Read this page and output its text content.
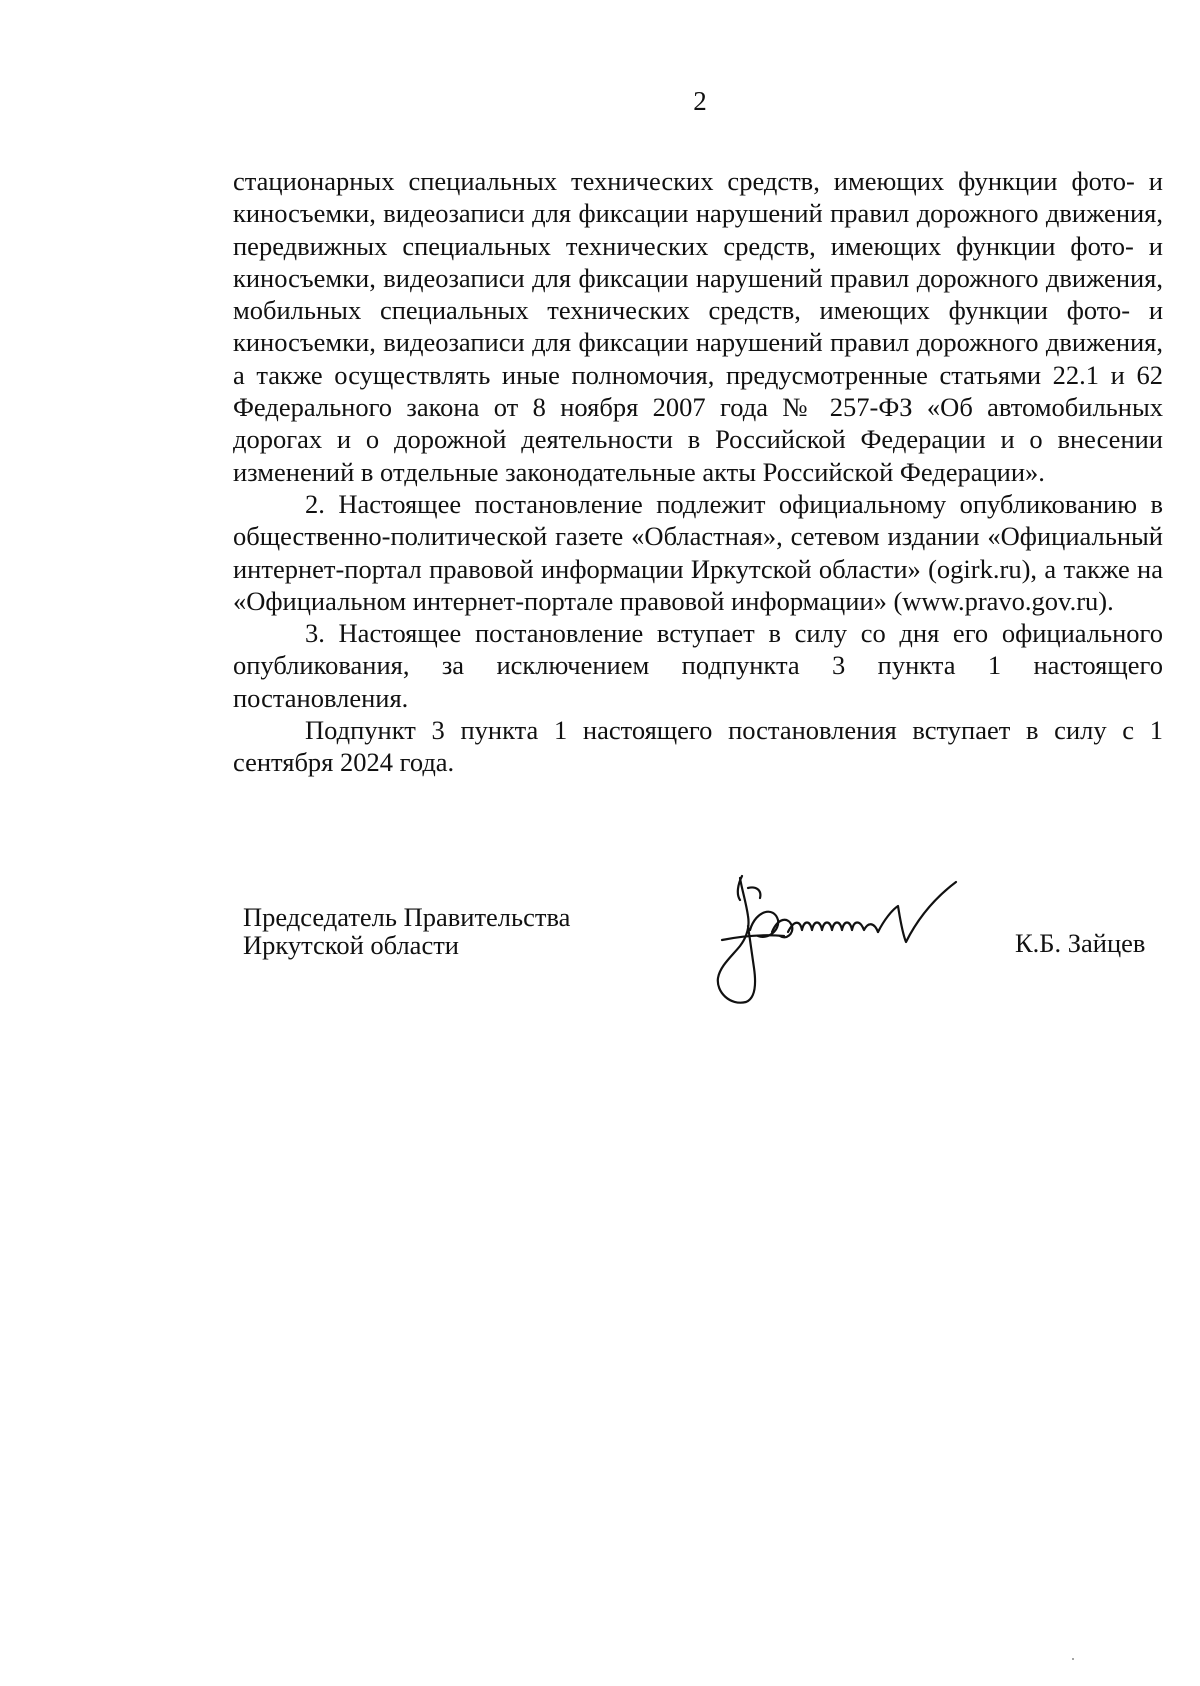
2

стационарных специальных технических средств, имеющих функции фото- и киносъемки, видеозаписи для фиксации нарушений правил дорожного движения, передвижных специальных технических средств, имеющих функции фото- и киносъемки, видеозаписи для фиксации нарушений правил дорожного движения, мобильных специальных технических средств, имеющих функции фото- и киносъемки, видеозаписи для фиксации нарушений правил дорожного движения, а также осуществлять иные полномочия, предусмотренные статьями 22.1 и 62 Федерального закона от 8 ноября 2007 года № 257-ФЗ «Об автомобильных дорогах и о дорожной деятельности в Российской Федерации и о внесении изменений в отдельные законодательные акты Российской Федерации».

2. Настоящее постановление подлежит официальному опубликованию в общественно-политической газете «Областная», сетевом издании «Официальный интернет-портал правовой информации Иркутской области» (ogirk.ru), а также на «Официальном интернет-портале правовой информации» (www.pravo.gov.ru).

3. Настоящее постановление вступает в силу со дня его официального опубликования, за исключением подпункта 3 пункта 1 настоящего постановления.

Подпункт 3 пункта 1 настоящего постановления вступает в силу с 1 сентября 2024 года.

Председатель Правительства
Иркутской области	К.Б. Зайцев
